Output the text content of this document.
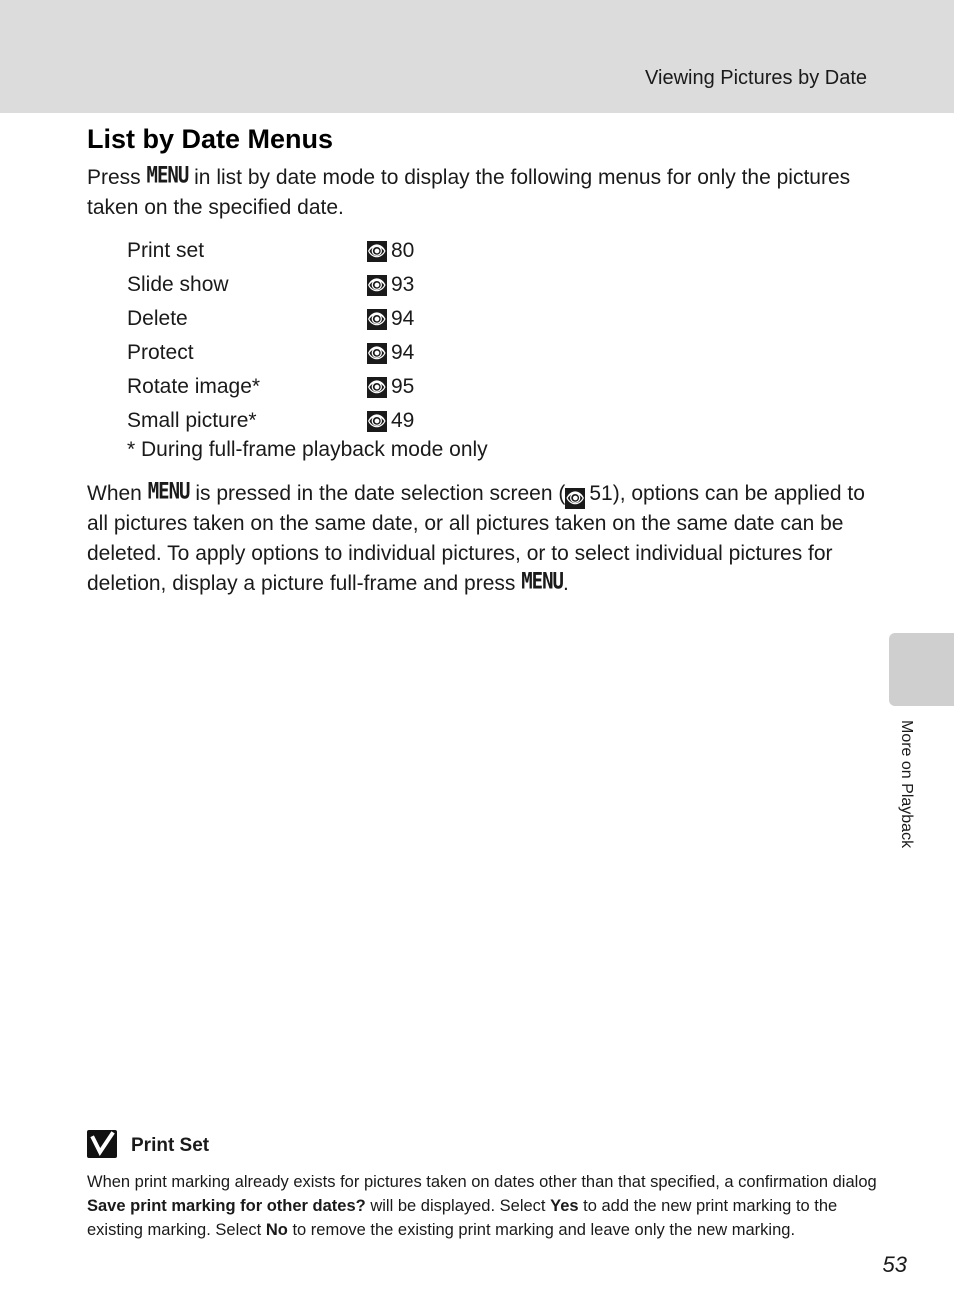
Viewing Pictures by Date
List by Date Menus

Press MENU in list by date mode to display the following menus for only the pictures taken on the specified date.

Print set	👁︎ 80
Slide show	👁︎ 93
Delete	👁︎ 94
Protect	👁︎ 94
Rotate image*	👁︎ 95
Small picture*	👁︎ 49
* During full-frame playback mode only

When MENU is pressed in the date selection screen (👁︎ 51), options can be applied to all pictures taken on the same date, or all pictures taken on the same date can be deleted. To apply options to individual pictures, or to select individual pictures for deletion, display a picture full-frame and press MENU.

More on Playback
Print Set

When print marking already exists for pictures taken on dates other than that specified, a confirmation dialog Save print marking for other dates? will be displayed. Select Yes to add the new print marking to the existing marking. Select No to remove the existing print marking and leave only the new marking.

53
